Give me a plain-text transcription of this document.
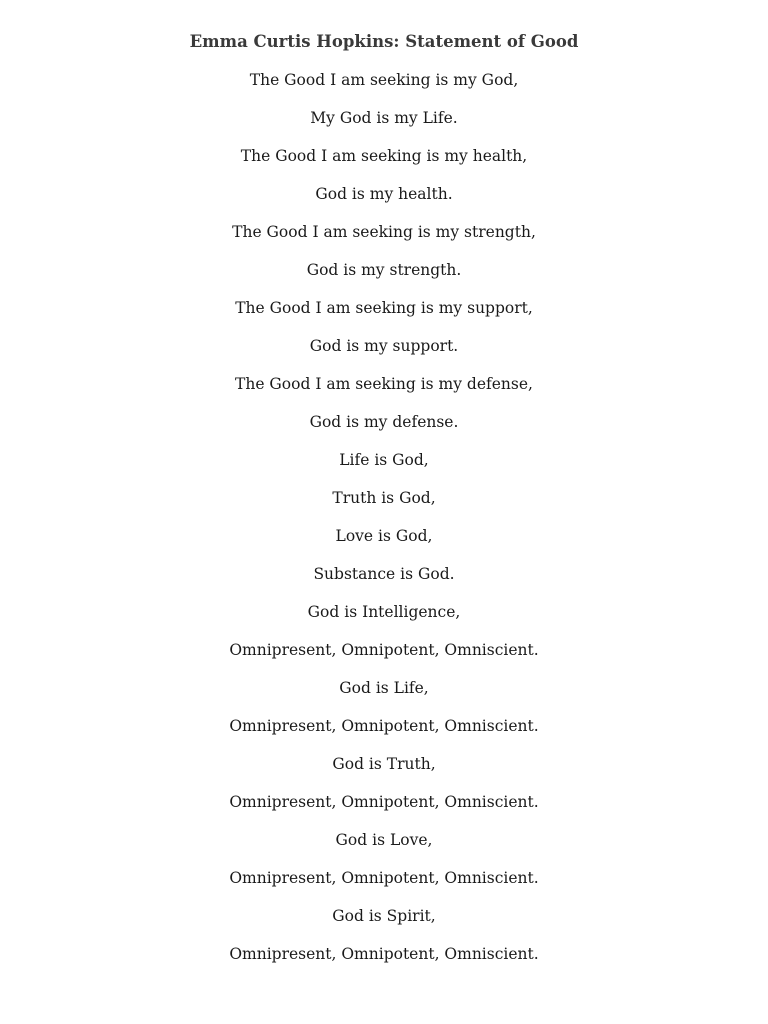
Emma Curtis Hopkins: Statement of Good
The Good I am seeking is my God,
My God is my Life.
The Good I am seeking is my health,
God is my health.
The Good I am seeking is my strength,
God is my strength.
The Good I am seeking is my support,
God is my support.
The Good I am seeking is my defense,
God is my defense.
Life is God,
Truth is God,
Love is God,
Substance is God.
God is Intelligence,
Omnipresent, Omnipotent, Omniscient.
God is Life,
Omnipresent, Omnipotent, Omniscient.
God is Truth,
Omnipresent, Omnipotent, Omniscient.
God is Love,
Omnipresent, Omnipotent, Omniscient.
God is Spirit,
Omnipresent, Omnipotent, Omniscient.
